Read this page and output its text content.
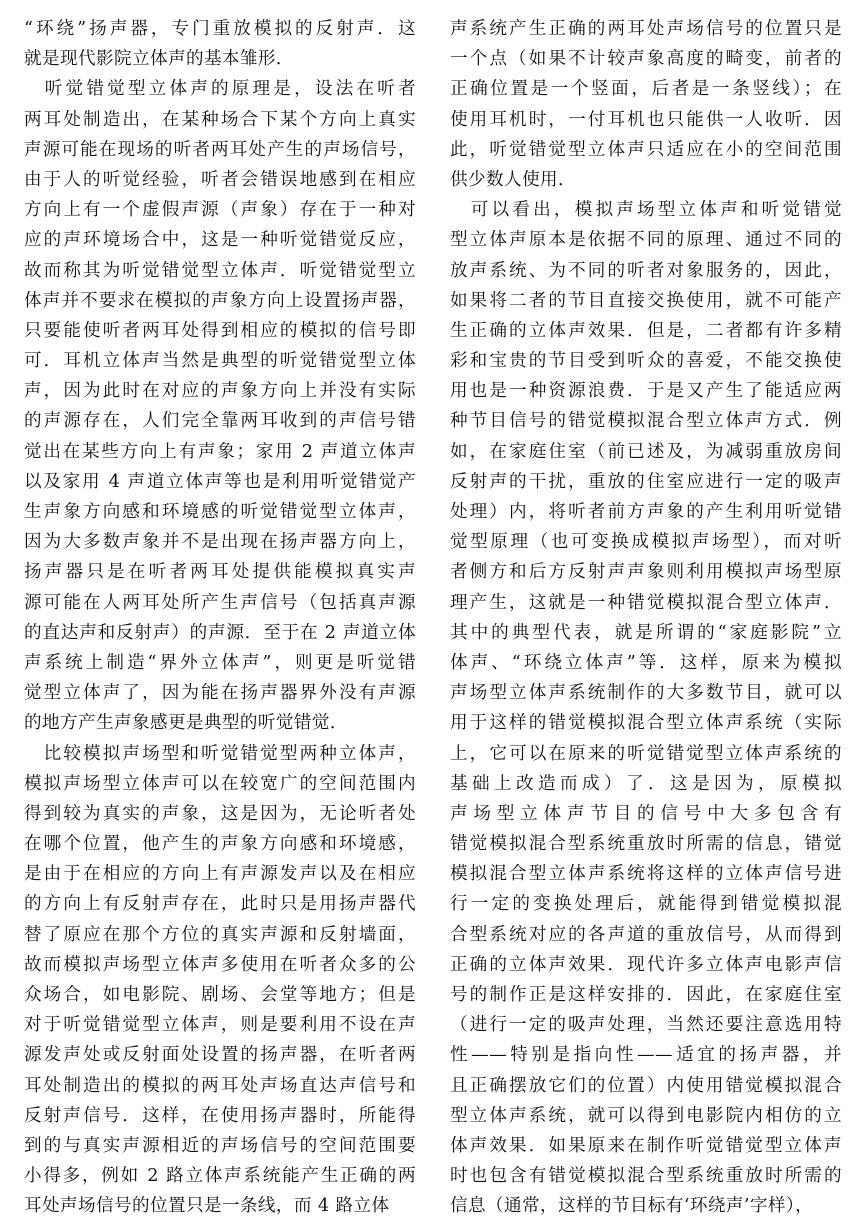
“环绕”扬声器，专门重放模拟的反射声．这
就是现代影院立体声的基本雏形．
　听觉错觉型立体声的原理是，设法在听者
两耳处制造出，在某种场合下某个方向上真实
声源可能在现场的听者两耳处产生的声场信号，
由于人的听觉经验，听者会错误地感到在相应
方向上有一个虚假声源（声象）存在于一种对
应的声环境场合中，这是一种听觉错觉反应，
故而称其为听觉错觉型立体声．听觉错觉型立
体声并不要求在模拟的声象方向上设置扬声器，
只要能使听者两耳处得到相应的模拟的信号即
可．耳机立体声当然是典型的听觉错觉型立体
声，因为此时在对应的声象方向上并没有实际
的声源存在，人们完全靠两耳收到的声信号错
觉出在某些方向上有声象；家用 2 声道立体声
以及家用 4 声道立体声等也是利用听觉错觉产
生声象方向感和环境感的听觉错觉型立体声，
因为大多数声象并不是出现在扬声器方向上，
扬声器只是在听者两耳处提供能模拟真实声
源可能在人两耳处所产生声信号（包括真声源
的直达声和反射声）的声源．至于在 2 声道立体
声系统上制造“界外立体声”，则更是听觉错
觉型立体声了，因为能在扬声器界外没有声源
的地方产生声象感更是典型的听觉错觉．
　比较模拟声场型和听觉错觉型两种立体声，
模拟声场型立体声可以在较宽广的空间范围内
得到较为真实的声象，这是因为，无论听者处
在哪个位置，他产生的声象方向感和环境感，
是由于在相应的方向上有声源发声以及在相应
的方向上有反射声存在，此时只是用扬声器代
替了原应在那个方位的真实声源和反射墙面，
故而模拟声场型立体声多使用在听者众多的公
众场合，如电影院、剧场、会堂等地方；但是
对于听觉错觉型立体声，则是要利用不设在声
源发声处或反射面处设置的扬声器，在听者两
耳处制造出的模拟的两耳处声场直达声信号和
反射声信号．这样，在使用扬声器时，所能得
到的与真实声源相近的声场信号的空间范围要
小得多，例如 2 路立体声系统能产生正确的两
耳处声场信号的位置只是一条线，而 4 路立体
声系统产生正确的两耳处声场信号的位置只是
一个点（如果不计较声象高度的畸变，前者的
正确位置是一个竖面，后者是一条竖线）；在
使用耳机时，一付耳机也只能供一人收听．因
此，听觉错觉型立体声只适应在小的空间范围
供少数人使用．
　可以看出，模拟声场型立体声和听觉错觉
型立体声原本是依据不同的原理、通过不同的
放声系统、为不同的听者对象服务的，因此，
如果将二者的节目直接交换使用，就不可能产
生正确的立体声效果．但是，二者都有许多精
彩和宝贵的节目受到听众的喜爱，不能交换使
用也是一种资源浪费．于是又产生了能适应两
种节目信号的错觉模拟混合型立体声方式．例
如，在家庭住室（前已述及，为减弱重放房间
反射声的干扰，重放的住室应进行一定的吸声
处理）内，将听者前方声象的产生利用听觉错
觉型原理（也可变换成模拟声场型），而对听
者侧方和后方反射声声象则利用模拟声场型原
理产生，这就是一种错觉模拟混合型立体声．
其中的典型代表，就是所谓的“家庭影院”立
体声、“环绕立体声”等．这样，原来为模拟
声场型立体声系统制作的大多数节目，就可以
用于这样的错觉模拟混合型立体声系统（实际
上，它可以在原来的听觉错觉型立体声系统的
基础上改造而成）了．这是因为，原模拟
声场型立体声节目的信号中大多包含有
错觉模拟混合型系统重放时所需的信息，错觉
模拟混合型立体声系统将这样的立体声信号进
行一定的变换处理后，就能得到错觉模拟混
合型系统对应的各声道的重放信号，从而得到
正确的立体声效果．现代许多立体声电影声信
号的制作正是这样安排的．因此，在家庭住室
（进行一定的吸声处理，当然还要注意选用特
性——特别是指向性——适宜的扬声器，并
且正确摆放它们的位置）内使用错觉模拟混合
型立体声系统，就可以得到电影院内相仿的立
体声效果．如果原来在制作听觉错觉型立体声
时也包含有错觉模拟混合型系统重放时所需的
信息（通常，这样的节目标有‘环绕声’字样），
